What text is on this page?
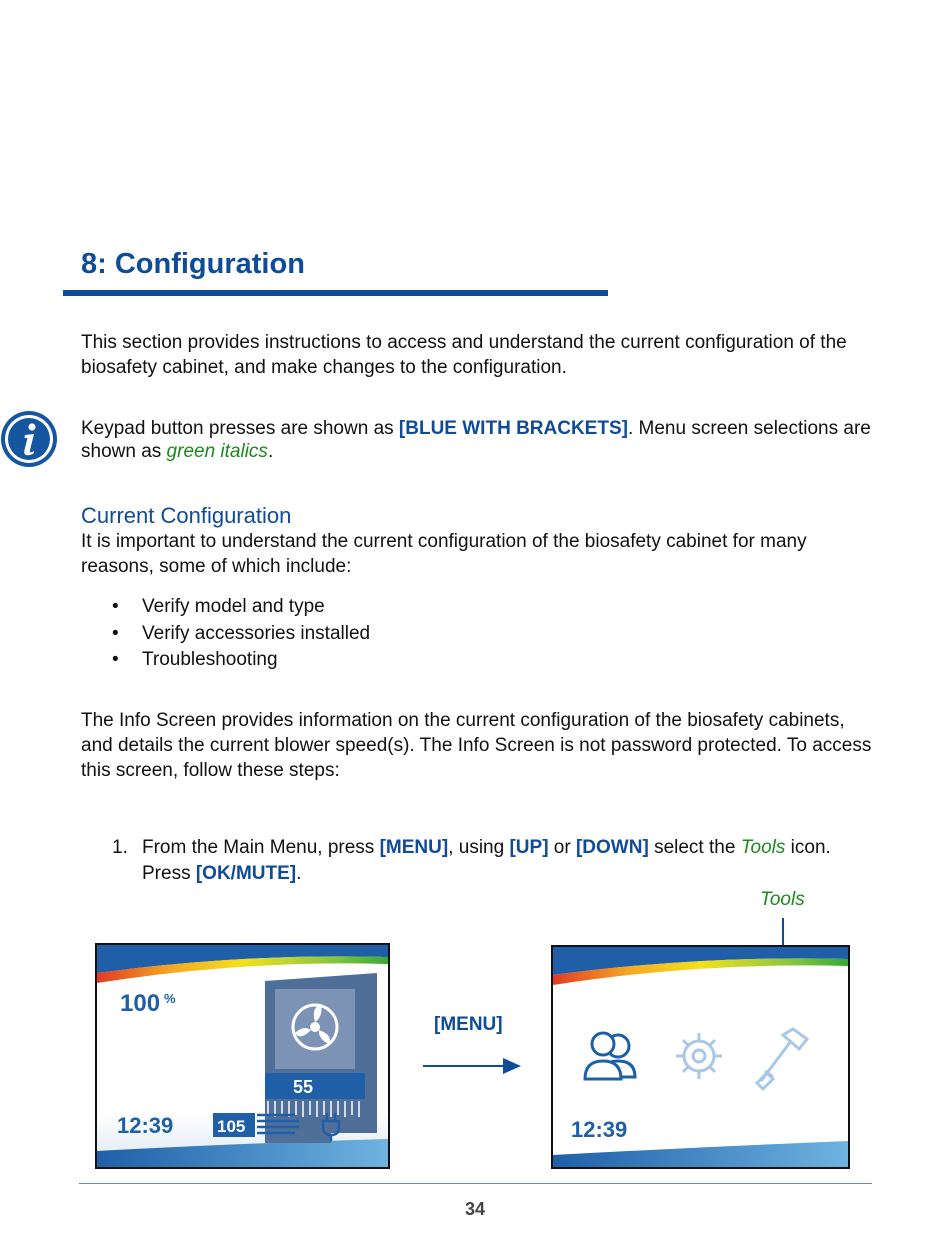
8: Configuration

This section provides instructions to access and understand the current configuration of the biosafety cabinet, and make changes to the configuration.

Keypad button presses are shown as [BLUE WITH BRACKETS]. Menu screen selections are shown as green italics.

Current Configuration

It is important to understand the current configuration of the biosafety cabinet for many reasons, some of which include:

• Verify model and type
• Verify accessories installed
• Troubleshooting

The Info Screen provides information on the current configuration of the biosafety cabinets, and details the current blower speed(s). The Info Screen is not password protected. To access this screen, follow these steps:

1. From the Main Menu, press [MENU], using [UP] or [DOWN] select the Tools icon. Press [OK/MUTE].
Tools
100 %
55
12:39	105
[MENU]
12:39
34
